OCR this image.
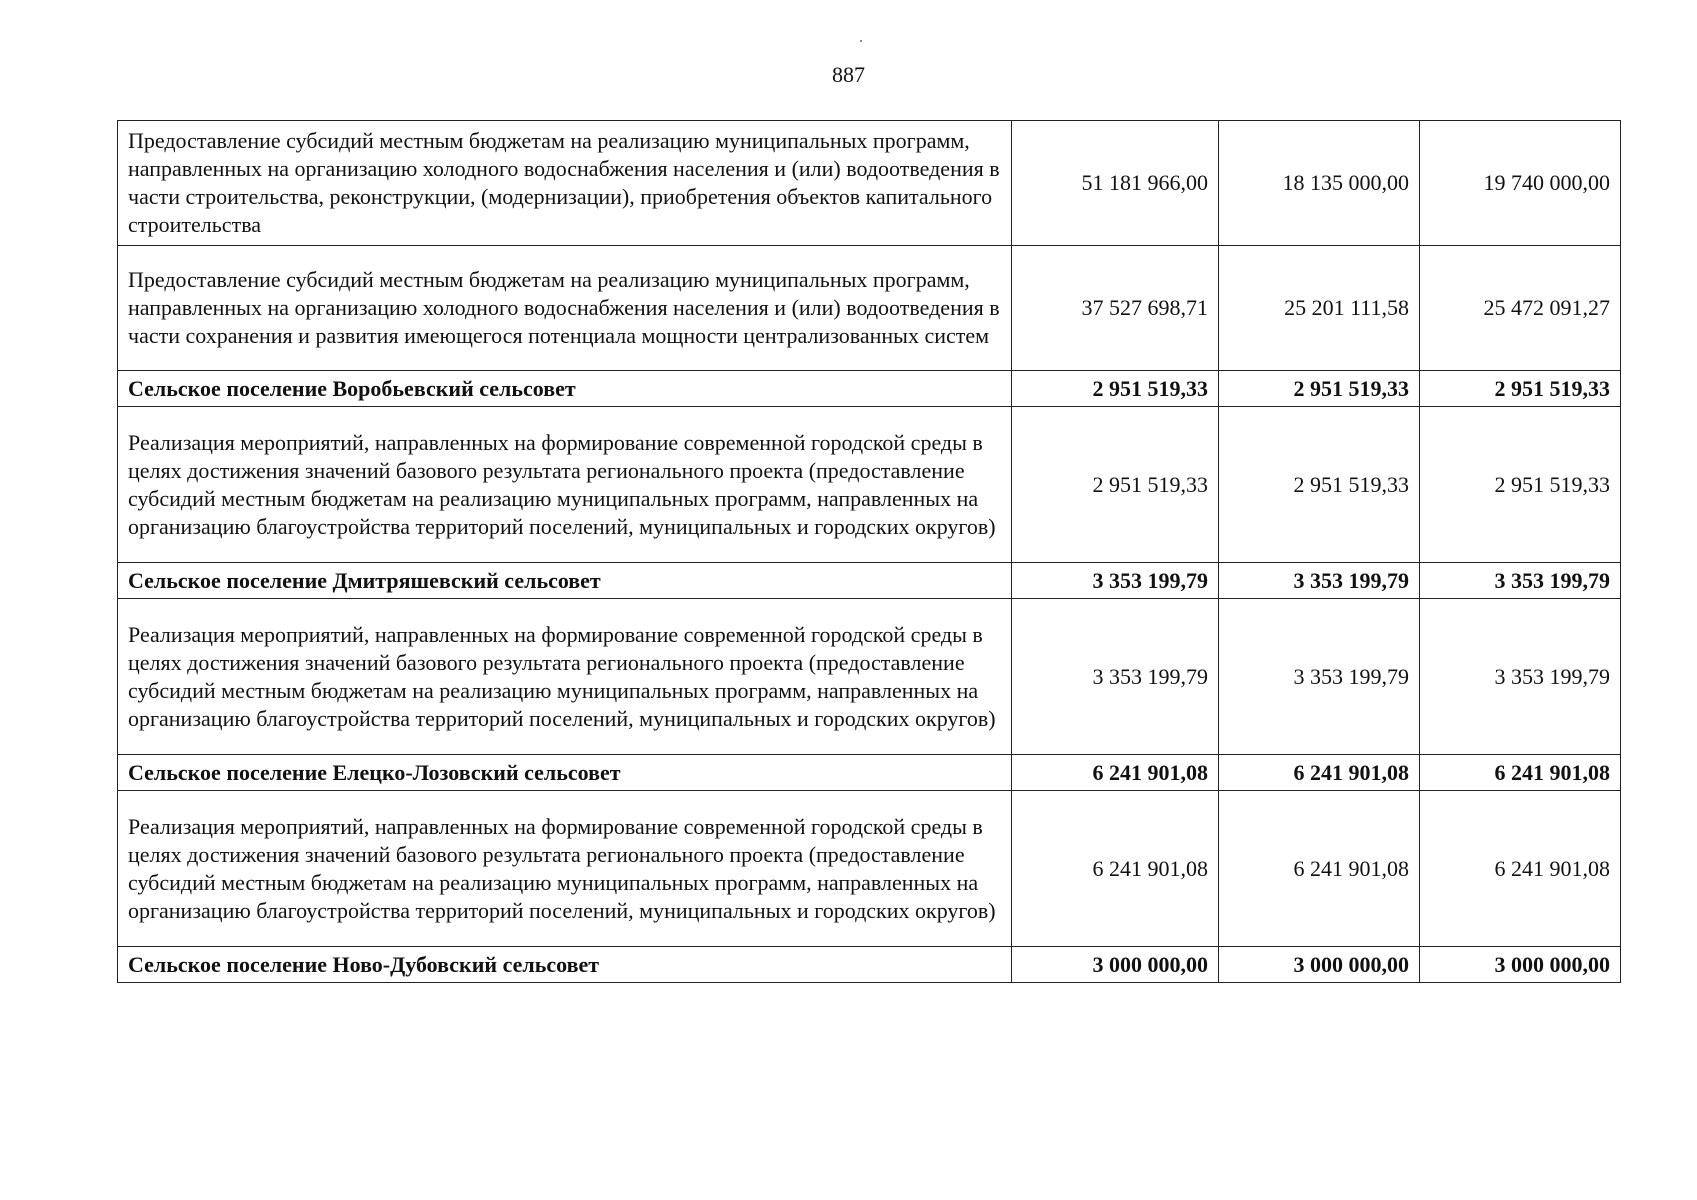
887
Предоставление субсидий местным бюджетам на реализацию муниципальных программ, направленных на организацию холодного водоснабжения населения и (или) водоотведения в части строительства, реконструкции, (модернизации), приобретения объектов капитального строительства	51 181 966,00	18 135 000,00	19 740 000,00
Предоставление субсидий местным бюджетам на реализацию муниципальных программ, направленных на организацию холодного водоснабжения населения и (или) водоотведения в части сохранения и развития имеющегося потенциала мощности централизованных систем	37 527 698,71	25 201 111,58	25 472 091,27
Сельское поселение Воробьевский сельсовет	2 951 519,33	2 951 519,33	2 951 519,33
Реализация мероприятий, направленных на формирование современной городской среды в целях достижения значений базового результата регионального проекта (предоставление субсидий местным бюджетам на реализацию муниципальных программ, направленных на организацию благоустройства территорий поселений, муниципальных и городских округов)	2 951 519,33	2 951 519,33	2 951 519,33
Сельское поселение Дмитряшевский сельсовет	3 353 199,79	3 353 199,79	3 353 199,79
Реализация мероприятий, направленных на формирование современной городской среды в целях достижения значений базового результата регионального проекта (предоставление субсидий местным бюджетам на реализацию муниципальных программ, направленных на организацию благоустройства территорий поселений, муниципальных и городских округов)	3 353 199,79	3 353 199,79	3 353 199,79
Сельское поселение Елецко-Лозовский сельсовет	6 241 901,08	6 241 901,08	6 241 901,08
Реализация мероприятий, направленных на формирование современной городской среды в целях достижения значений базового результата регионального проекта (предоставление субсидий местным бюджетам на реализацию муниципальных программ, направленных на организацию благоустройства территорий поселений, муниципальных и городских округов)	6 241 901,08	6 241 901,08	6 241 901,08
Сельское поселение Ново-Дубовский сельсовет	3 000 000,00	3 000 000,00	3 000 000,00
